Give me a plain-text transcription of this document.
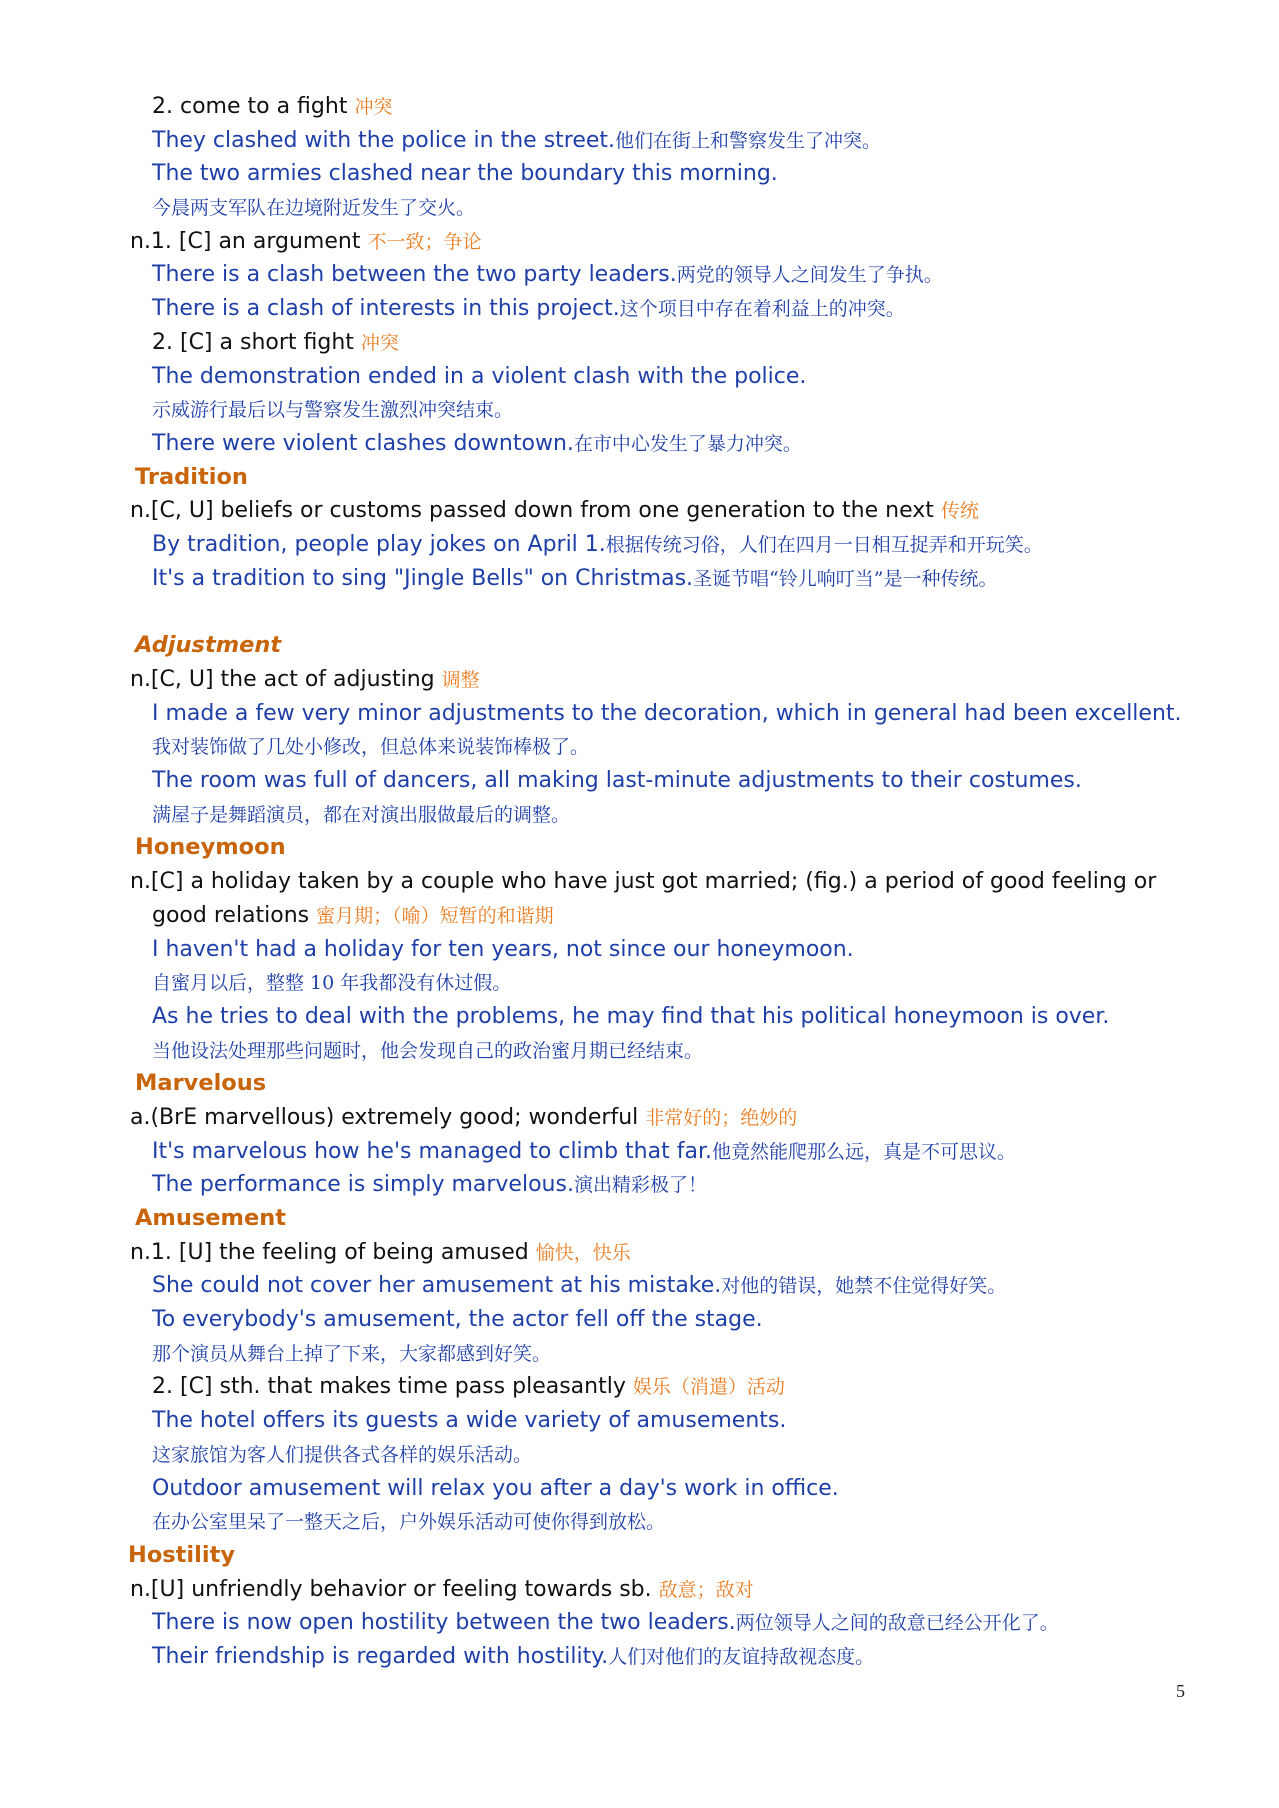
2. come to a fight 冲突
They clashed with the police in the street.他们在街上和警察发生了冲突。
The two armies clashed near the boundary this morning.
今晨两支军队在边境附近发生了交火。
n.1. [C] an argument 不一致；争论
There is a clash between the two party leaders.两党的领导人之间发生了争执。
There is a clash of interests in this project.这个项目中存在着利益上的冲突。
2. [C] a short fight 冲突
The demonstration ended in a violent clash with the police.
示威游行最后以与警察发生激烈冲突结束。
There were violent clashes downtown.在市中心发生了暴力冲突。
Tradition
n.[C, U] beliefs or customs passed down from one generation to the next 传统
By tradition, people play jokes on April 1.根据传统习俗，人们在四月一日相互捉弄和开玩笑。
It's a tradition to sing "Jingle Bells" on Christmas.圣诞节唱“铃儿响叮当”是一种传统。
Adjustment
n.[C, U] the act of adjusting 调整
I made a few very minor adjustments to the decoration, which in general had been excellent.
我对装饰做了几处小修改，但总体来说装饰棒极了。
The room was full of dancers, all making last-minute adjustments to their costumes.
满屋子是舞蹈演员，都在对演出服做最后的调整。
Honeymoon
n.[C] a holiday taken by a couple who have just got married; (fig.) a period of good feeling or
good relations 蜜月期；（喻）短暂的和谐期
I haven't had a holiday for ten years, not since our honeymoon.
自蜜月以后，整整 10 年我都没有休过假。
As he tries to deal with the problems, he may find that his political honeymoon is over.
当他设法处理那些问题时，他会发现自己的政治蜜月期已经结束。
Marvelous
a.(BrE marvellous) extremely good; wonderful 非常好的；绝妙的
It's marvelous how he's managed to climb that far.他竟然能爬那么远，真是不可思议。
The performance is simply marvelous.演出精彩极了！
Amusement
n.1. [U] the feeling of being amused 愉快，快乐
She could not cover her amusement at his mistake.对他的错误，她禁不住觉得好笑。
To everybody's amusement, the actor fell off the stage.
那个演员从舞台上掉了下来，大家都感到好笑。
2. [C] sth. that makes time pass pleasantly 娱乐（消遣）活动
The hotel offers its guests a wide variety of amusements.
这家旅馆为客人们提供各式各样的娱乐活动。
Outdoor amusement will relax you after a day's work in office.
在办公室里呆了一整天之后，户外娱乐活动可使你得到放松。
Hostility
n.[U] unfriendly behavior or feeling towards sb. 敌意；敌对
There is now open hostility between the two leaders.两位领导人之间的敌意已经公开化了。
Their friendship is regarded with hostility.人们对他们的友谊持敌视态度。
5
